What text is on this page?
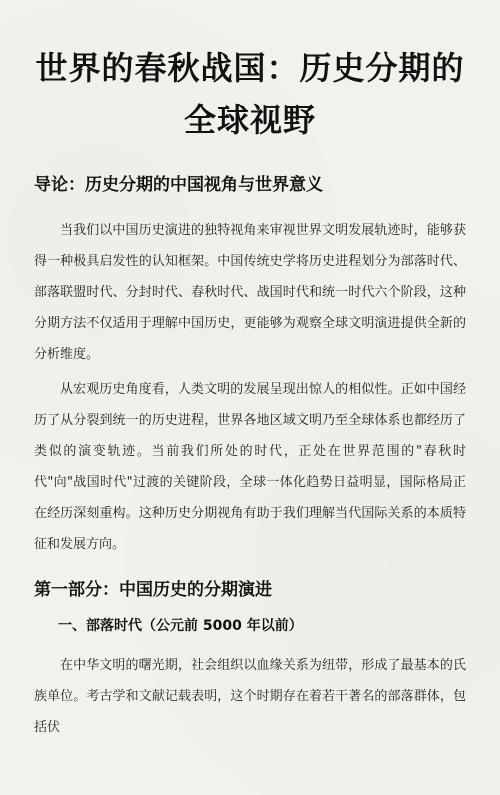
世界的春秋战国：历史分期的全球视野
导论：历史分期的中国视角与世界意义

当我们以中国历史演进的独特视角来审视世界文明发展轨迹时，能够获得一种极具启发性的认知框架。中国传统史学将历史进程划分为部落时代、部落联盟时代、分封时代、春秋时代、战国时代和统一时代六个阶段，这种分期方法不仅适用于理解中国历史，更能够为观察全球文明演进提供全新的分析维度。

从宏观历史角度看，人类文明的发展呈现出惊人的相似性。正如中国经历了从分裂到统一的历史进程，世界各地区域文明乃至全球体系也都经历了类似的演变轨迹。当前我们所处的时代，正处在世界范围的"春秋时代"向"战国时代"过渡的关键阶段，全球一体化趋势日益明显，国际格局正在经历深刻重构。这种历史分期视角有助于我们理解当代国际关系的本质特征和发展方向。

第一部分：中国历史的分期演进
一、部落时代（公元前 5000 年以前）

在中华文明的曙光期，社会组织以血缘关系为纽带，形成了最基本的氏族单位。考古学和文献记载表明，这个时期存在着若干著名的部落群体，包括伏
